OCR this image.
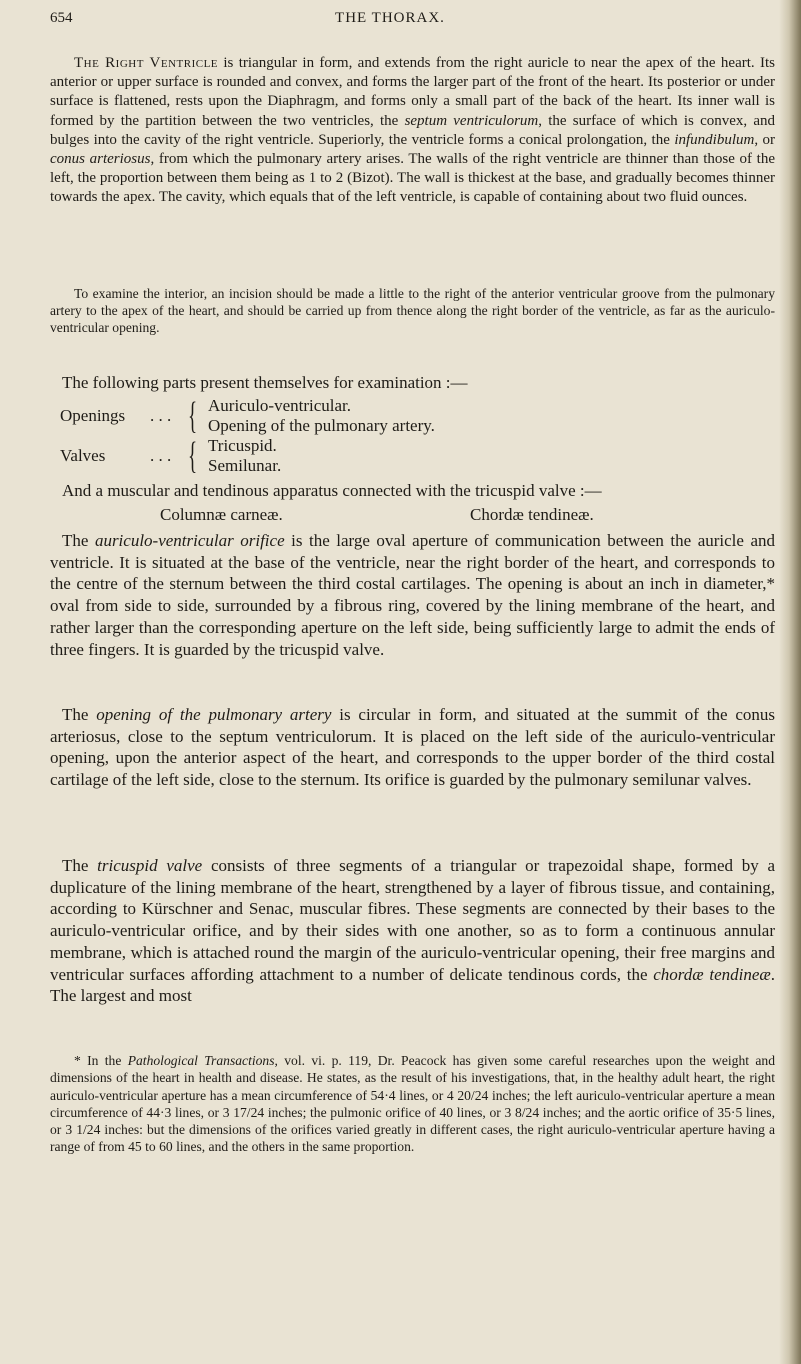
654	THE THORAX.

The Right Ventricle is triangular in form, and extends from the right auricle to near the apex of the heart. Its anterior or upper surface is rounded and convex, and forms the larger part of the front of the heart. Its posterior or under surface is flattened, rests upon the Diaphragm, and forms only a small part of the back of the heart. Its inner wall is formed by the partition between the two ventricles, the septum ventriculorum, the surface of which is convex, and bulges into the cavity of the right ventricle. Superiorly, the ventricle forms a conical prolongation, the infundibulum, or conus arteriosus, from which the pulmonary artery arises. The walls of the right ventricle are thinner than those of the left, the proportion between them being as 1 to 2 (Bizot). The wall is thickest at the base, and gradually becomes thinner towards the apex. The cavity, which equals that of the left ventricle, is capable of containing about two fluid ounces.

To examine the interior, an incision should be made a little to the right of the anterior ventricular groove from the pulmonary artery to the apex of the heart, and should be carried up from thence along the right border of the ventricle, as far as the auriculo-ventricular opening.

The following parts present themselves for examination :—

Openings	. . . { Auriculo-ventricular.
Opening of the pulmonary artery.
Valves	. . . { Tricuspid.
Semilunar.

And a muscular and tendinous apparatus connected with the tricuspid valve :—

Columnæ carneæ.	Chordæ tendineæ.

The auriculo-ventricular orifice is the large oval aperture of communication between the auricle and ventricle. It is situated at the base of the ventricle, near the right border of the heart, and corresponds to the centre of the sternum between the third costal cartilages. The opening is about an inch in diameter,* oval from side to side, surrounded by a fibrous ring, covered by the lining membrane of the heart, and rather larger than the corresponding aperture on the left side, being sufficiently large to admit the ends of three fingers. It is guarded by the tricuspid valve.

The opening of the pulmonary artery is circular in form, and situated at the summit of the conus arteriosus, close to the septum ventriculorum. It is placed on the left side of the auriculo-ventricular opening, upon the anterior aspect of the heart, and corresponds to the upper border of the third costal cartilage of the left side, close to the sternum. Its orifice is guarded by the pulmonary semilunar valves.

The tricuspid valve consists of three segments of a triangular or trapezoidal shape, formed by a duplicature of the lining membrane of the heart, strengthened by a layer of fibrous tissue, and containing, according to Kürschner and Senac, muscular fibres. These segments are connected by their bases to the auriculo-ventricular orifice, and by their sides with one another, so as to form a continuous annular membrane, which is attached round the margin of the auriculo-ventricular opening, their free margins and ventricular surfaces affording attachment to a number of delicate tendinous cords, the chordæ tendineæ. The largest and most

* In the Pathological Transactions, vol. vi. p. 119, Dr. Peacock has given some careful researches upon the weight and dimensions of the heart in health and disease. He states, as the result of his investigations, that, in the healthy adult heart, the right auriculo-ventricular aperture has a mean circumference of 54·4 lines, or 4 20/24 inches; the left auriculo-ventricular aperture a mean circumference of 44·3 lines, or 3 17/24 inches; the pulmonic orifice of 40 lines, or 3 8/24 inches; and the aortic orifice of 35·5 lines, or 3 1/24 inches: but the dimensions of the orifices varied greatly in different cases, the right auriculo-ventricular aperture having a range of from 45 to 60 lines, and the others in the same proportion.
